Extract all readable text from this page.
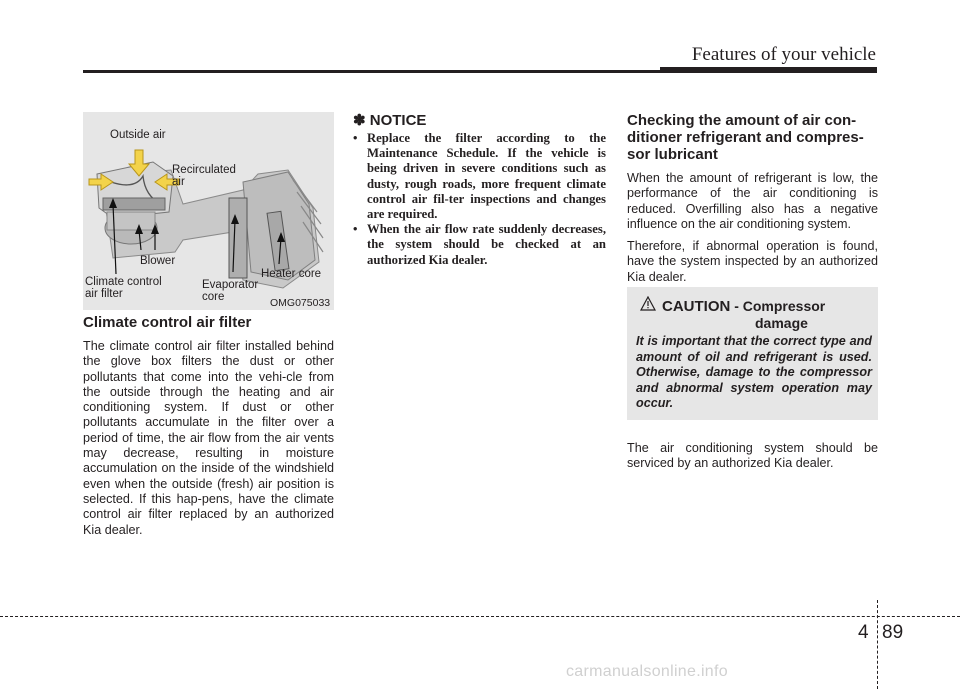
Features of your vehicle
Outside air
Recirculated
air
Blower
Climate control
air filter
Evaporator
core
Heater core
OMG075033
Climate control air filter

The climate control air filter installed behind the glove box filters the dust or other pollutants that come into the vehi-cle from the outside through the heating and air conditioning system. If dust or other pollutants accumulate in the filter over a period of time, the air flow from the air vents may decrease, resulting in moisture accumulation on the inside of the windshield even when the outside (fresh) air position is selected. If this hap-pens, have the climate control air filter replaced by an authorized Kia dealer.

✽ NOTICE
• Replace the filter according to the Maintenance Schedule. If the vehicle is being driven in severe conditions such as dusty, rough roads, more frequent climate control air fil-ter inspections and changes are required.
• When the air flow rate suddenly decreases, the system should be checked at an authorized Kia dealer.
Checking the amount of air con-ditioner refrigerant and compres-sor lubricant

When the amount of refrigerant is low, the performance of the air conditioning is reduced. Overfilling also has a negative influence on the air conditioning system.

Therefore, if abnormal operation is found, have the system inspected by an authorized Kia dealer.

CAUTION - Compressor
damage
It is important that the correct type and amount of oil and refrigerant is used. Otherwise, damage to the compressor and abnormal system operation may occur.

The air conditioning system should be serviced by an authorized Kia dealer.

4 89
carmanualsonline.info
